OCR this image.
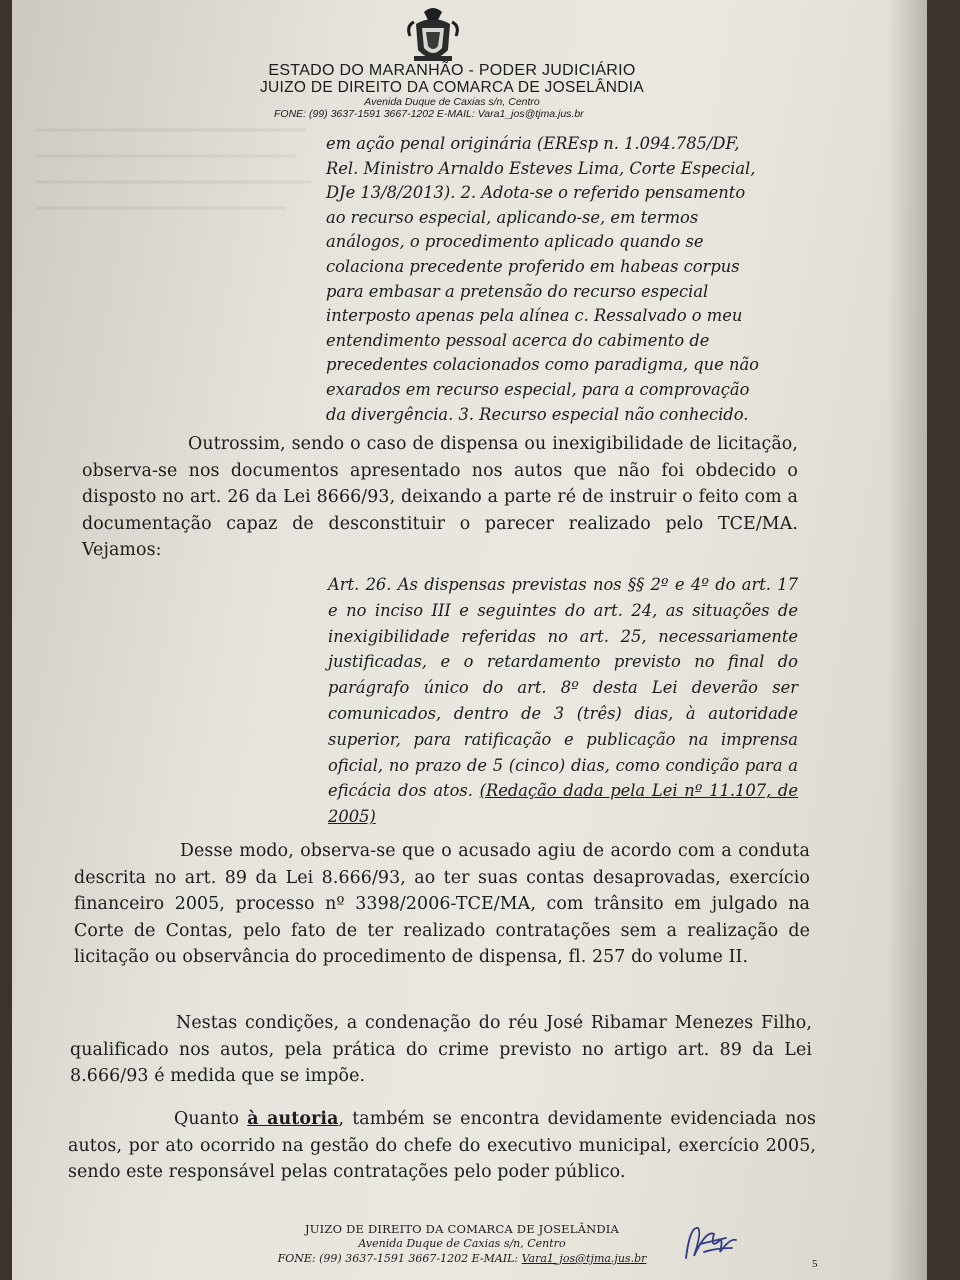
ESTADO DO MARANHÃO - PODER JUDICIÁRIO
JUIZO DE DIREITO DA COMARCA DE JOSELÂNDIA
Avenida Duque de Caxias s/n, Centro
FONE: (99) 3637-1591 3667-1202 E-MAIL: Vara1_jos@tjma.jus.br

em ação penal originária (EREsp n. 1.094.785/DF,

Rel. Ministro Arnaldo Esteves Lima, Corte Especial,

DJe 13/8/2013). 2. Adota-se o referido pensamento

ao recurso especial, aplicando-se, em termos

análogos, o procedimento aplicado quando se

colaciona precedente proferido em habeas corpus

para embasar a pretensão do recurso especial

interposto apenas pela alínea c. Ressalvado o meu

entendimento pessoal acerca do cabimento de

precedentes colacionados como paradigma, que não

exarados em recurso especial, para a comprovação

da divergência. 3. Recurso especial não conhecido.

Outrossim, sendo o caso de dispensa ou inexigibilidade de licitação, observa-se nos documentos apresentado nos autos que não foi obdecido o disposto no art. 26 da Lei 8666/93, deixando a parte ré de instruir o feito com a documentação capaz de desconstituir o parecer realizado pelo TCE/MA. Vejamos:

Art. 26. As dispensas previstas nos §§ 2º e 4º do art. 17 e no inciso III e seguintes do art. 24, as situações de inexigibilidade referidas no art. 25, necessariamente justificadas, e o retardamento previsto no final do parágrafo único do art. 8º desta Lei deverão ser comunicados, dentro de 3 (três) dias, à autoridade superior, para ratificação e publicação na imprensa oficial, no prazo de 5 (cinco) dias, como condição para a eficácia dos atos. (Redação dada pela Lei nº 11.107, de 2005)

Desse modo, observa-se que o acusado agiu de acordo com a conduta descrita no art. 89 da Lei 8.666/93, ao ter suas contas desaprovadas, exercício financeiro 2005, processo nº 3398/2006-TCE/MA, com trânsito em julgado na Corte de Contas, pelo fato de ter realizado contratações sem a realização de licitação ou observância do procedimento de dispensa, fl. 257 do volume II.

Nestas condições, a condenação do réu José Ribamar Menezes Filho, qualificado nos autos, pela prática do crime previsto no artigo art. 89 da Lei 8.666/93 é medida que se impõe.

Quanto à autoria, também se encontra devidamente evidenciada nos autos, por ato ocorrido na gestão do chefe do executivo municipal, exercício 2005, sendo este responsável pelas contratações pelo poder público.

JUIZO DE DIREITO DA COMARCA DE JOSELÂNDIA
Avenida Duque de Caxias s/n, Centro
FONE: (99) 3637-1591 3667-1202 E-MAIL: Vara1_jos@tjma.jus.br	5
